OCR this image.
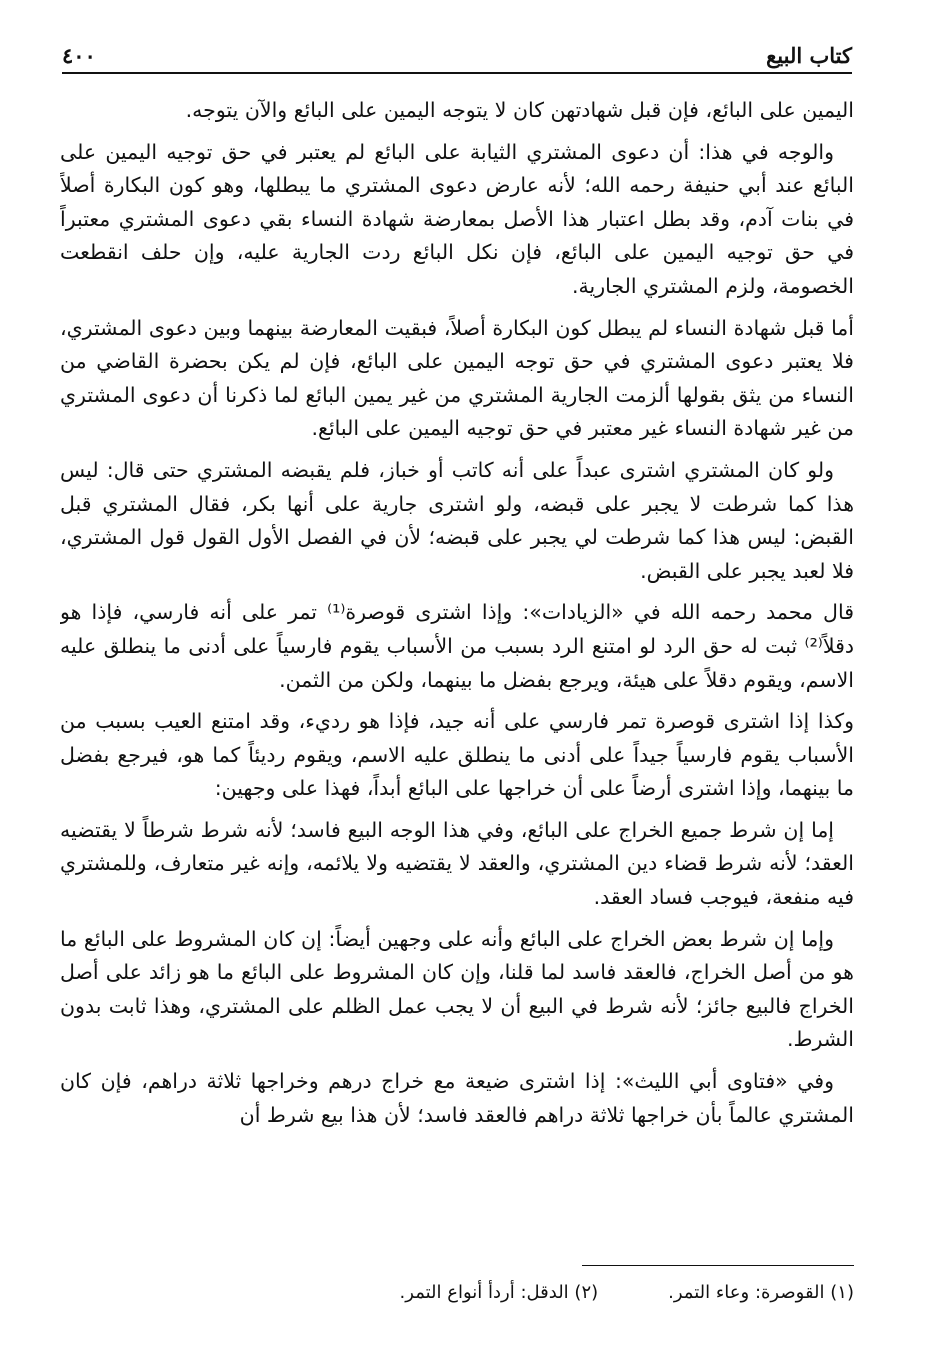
كتاب البيع
٤٠٠

اليمين على البائع، فإن قبل شهادتهن كان لا يتوجه اليمين على البائع والآن يتوجه.

والوجه في هذا: أن دعوى المشتري الثيابة على البائع لم يعتبر في حق توجيه اليمين على البائع عند أبي حنيفة رحمه الله؛ لأنه عارض دعوى المشتري ما يبطلها، وهو كون البكارة أصلاً في بنات آدم، وقد بطل اعتبار هذا الأصل بمعارضة شهادة النساء بقي دعوى المشتري معتبراً في حق توجيه اليمين على البائع، فإن نكل البائع ردت الجارية عليه، وإن حلف انقطعت الخصومة، ولزم المشتري الجارية.

أما قبل شهادة النساء لم يبطل كون البكارة أصلاً، فبقيت المعارضة بينهما وبين دعوى المشتري، فلا يعتبر دعوى المشتري في حق توجه اليمين على البائع، فإن لم يكن بحضرة القاضي من النساء من يثق بقولها ألزمت الجارية المشتري من غير يمين البائع لما ذكرنا أن دعوى المشتري من غير شهادة النساء غير معتبر في حق توجيه اليمين على البائع.

ولو كان المشتري اشترى عبداً على أنه كاتب أو خباز، فلم يقبضه المشتري حتى قال: ليس هذا كما شرطت لا يجبر على قبضه، ولو اشترى جارية على أنها بكر، فقال المشتري قبل القبض: ليس هذا كما شرطت لي يجبر على قبضه؛ لأن في الفصل الأول القول قول المشتري، فلا لعبد يجبر على القبض.

قال محمد رحمه الله في «الزيادات»: وإذا اشترى قوصرة⁽¹⁾ تمر على أنه فارسي، فإذا هو دقلاً⁽²⁾ ثبت له حق الرد لو امتنع الرد بسبب من الأسباب يقوم فارسياً على أدنى ما ينطلق عليه الاسم، ويقوم دقلاً على هيئة، ويرجع بفضل ما بينهما، ولكن من الثمن.

وكذا إذا اشترى قوصرة تمر فارسي على أنه جيد، فإذا هو رديء، وقد امتنع العيب بسبب من الأسباب يقوم فارسياً جيداً على أدنى ما ينطلق عليه الاسم، ويقوم رديئاً كما هو، فيرجع بفضل ما بينهما، وإذا اشترى أرضاً على أن خراجها على البائع أبداً، فهذا على وجهين:

إما إن شرط جميع الخراج على البائع، وفي هذا الوجه البيع فاسد؛ لأنه شرط شرطاً لا يقتضيه العقد؛ لأنه شرط قضاء دين المشتري، والعقد لا يقتضيه ولا يلائمه، وإنه غير متعارف، وللمشتري فيه منفعة، فيوجب فساد العقد.

وإما إن شرط بعض الخراج على البائع وأنه على وجهين أيضاً: إن كان المشروط على البائع ما هو من أصل الخراج، فالعقد فاسد لما قلنا، وإن كان المشروط على البائع ما هو زائد على أصل الخراج فالبيع جائز؛ لأنه شرط في البيع أن لا يجب عمل الظلم على المشتري، وهذا ثابت بدون الشرط.

وفي «فتاوى أبي الليث»: إذا اشترى ضيعة مع خراج درهم وخراجها ثلاثة دراهم، فإن كان المشتري عالماً بأن خراجها ثلاثة دراهم فالعقد فاسد؛ لأن هذا بيع شرط أن

(١) القوصرة: وعاء التمر.
(٢) الدقل: أردأ أنواع التمر.
